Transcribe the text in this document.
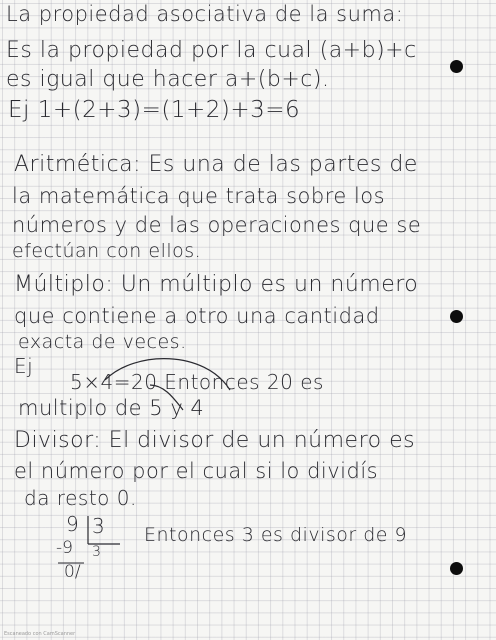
La propiedad asociativa de la suma:
Es la propiedad por la cual (a+b)+c
es igual que hacer a+(b+c).
Ej 1+(2+3)=(1+2)+3=6
Aritmética: Es una de las partes de
la matemática que trata sobre los
números y de las operaciones que se
efectúan con ellos.
Múltiplo: Un múltiplo es un número
que contiene a otro una cantidad
exacta de veces.
Ej
5×4=20 Entonces 20 es
multiplo de 5 y 4
Divisor: El divisor de un número es
el número por el cual si lo dividís
da resto 0.
9 3
-9 3
0/
Entonces 3 es divisor de 9
Escaneado con CamScanner
